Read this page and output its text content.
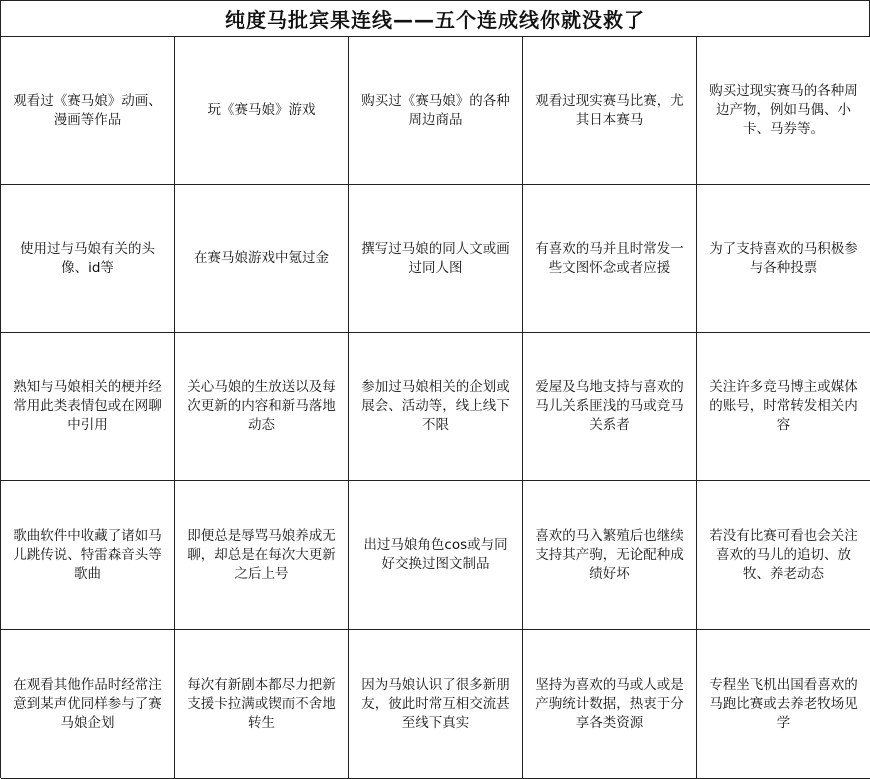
纯度马批宾果连线——五个连成线你就没救了
观看过《赛马娘》动画、漫画等作品
玩《赛马娘》游戏
购买过《赛马娘》的各种周边商品
观看过现实赛马比赛，尤其日本赛马
购买过现实赛马的各种周边产物，例如马偶、小卡、马券等。
使用过与马娘有关的头像、id等
在赛马娘游戏中氪过金
撰写过马娘的同人文或画过同人图
有喜欢的马并且时常发一些文图怀念或者应援
为了支持喜欢的马积极参与各种投票
熟知与马娘相关的梗并经常用此类表情包或在网聊中引用
关心马娘的生放送以及每次更新的内容和新马落地动态
参加过马娘相关的企划或展会、活动等，线上线下不限
爱屋及乌地支持与喜欢的马儿关系匪浅的马或竞马关系者
关注许多竞马博主或媒体的账号，时常转发相关内容
歌曲软件中收藏了诸如马儿跳传说、特雷森音头等歌曲
即便总是辱骂马娘养成无聊，却总是在每次大更新之后上号
出过马娘角色cos或与同好交换过图文制品
喜欢的马入繁殖后也继续支持其产驹，无论配种成绩好坏
若没有比赛可看也会关注喜欢的马儿的追切、放牧、养老动态
在观看其他作品时经常注意到某声优同样参与了赛马娘企划
每次有新剧本都尽力把新支援卡拉满或锲而不舍地转生
因为马娘认识了很多新朋友，彼此时常互相交流甚至线下真实
坚持为喜欢的马或人或是产驹统计数据，热衷于分享各类资源
专程坐飞机出国看喜欢的马跑比赛或去养老牧场见学
